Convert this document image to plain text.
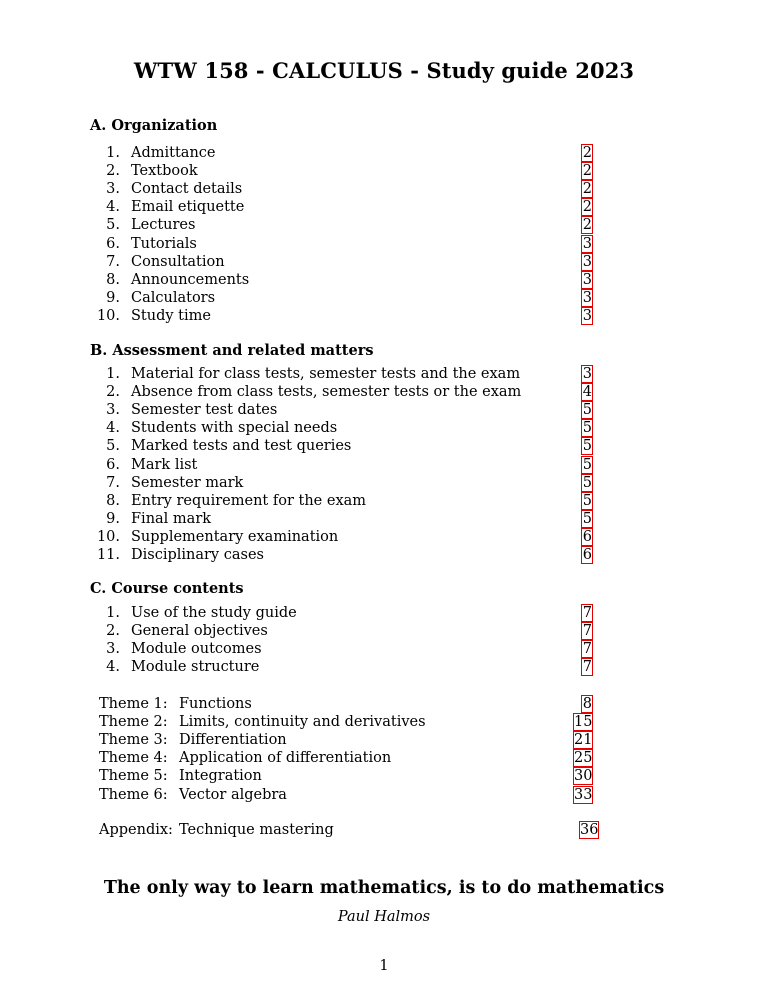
WTW 158 - CALCULUS - Study guide 2023
A. Organization
1. Admittance	2
2. Textbook	2
3. Contact details	2
4. Email etiquette	2
5. Lectures	2
6. Tutorials	3
7. Consultation	3
8. Announcements	3
9. Calculators	3
10. Study time	3
B. Assessment and related matters
1. Material for class tests, semester tests and the exam	3
2. Absence from class tests, semester tests or the exam	4
3. Semester test dates	5
4. Students with special needs	5
5. Marked tests and test queries	5
6. Mark list	5
7. Semester mark	5
8. Entry requirement for the exam	5
9. Final mark	5
10. Supplementary examination	6
11. Disciplinary cases	6
C. Course contents
1. Use of the study guide	7
2. General objectives	7
3. Module outcomes	7
4. Module structure	7
Theme 1: Functions	8
Theme 2: Limits, continuity and derivatives	15
Theme 3: Differentiation	21
Theme 4: Application of differentiation	25
Theme 5: Integration	30
Theme 6: Vector algebra	33
Appendix: Technique mastering	36
The only way to learn mathematics, is to do mathematics
Paul Halmos
1
